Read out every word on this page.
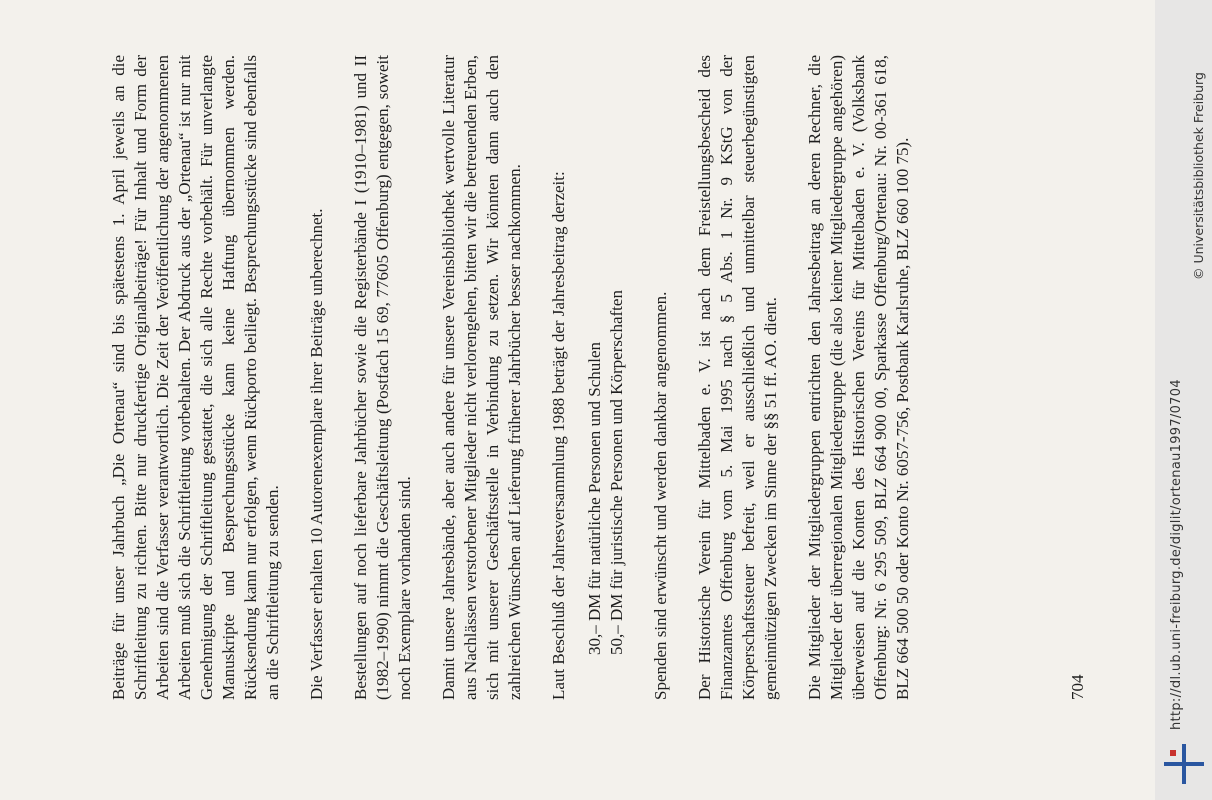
Beiträge für unser Jahrbuch „Die Ortenau“ sind bis spätestens 1. April jeweils an die Schriftleitung zu richten. Bitte nur druckfertige Originalbeiträge! Für Inhalt und Form der Arbeiten sind die Verfasser verantwortlich. Die Zeit der Veröffentlichung der angenommenen Arbeiten muß sich die Schriftleitung vorbehalten. Der Abdruck aus der „Ortenau“ ist nur mit Genehmigung der Schriftleitung gestattet, die sich alle Rechte vorbehält. Für unverlangte Manuskripte und Besprechungsstücke kann keine Haftung übernommen werden. Rücksendung kann nur erfolgen, wenn Rückporto beiliegt. Besprechungsstücke sind ebenfalls an die Schriftleitung zu senden. Die Verfasser erhalten 10 Autorenexemplare ihrer Beiträge unberechnet. Bestellungen auf noch lieferbare Jahrbücher sowie die Registerbände I (1910–1981) und II (1982–1990) nimmt die Geschäftsleitung (Postfach 15 69, 77605 Offenburg) entgegen, soweit noch Exemplare vorhanden sind. Damit unsere Jahresbände, aber auch andere für unsere Vereinsbibliothek wertvolle Literatur aus Nachlässen verstorbener Mitglieder nicht verlorengehen, bitten wir die betreuenden Erben, sich mit unserer Geschäftsstelle in Verbindung zu setzen. Wir könnten dann auch den zahlreichen Wünschen auf Lieferung früherer Jahrbücher besser nachkommen. Laut Beschluß der Jahresversammlung 1988 beträgt der Jahresbeitrag derzeit: 30,– DM für natürliche Personen und Schulen 50,– DM für juristische Personen und Körperschaften Spenden sind erwünscht und werden dankbar angenommen. Der Historische Verein für Mittelbaden e. V. ist nach dem Freistellungsbescheid des Finanzamtes Offenburg vom 5. Mai 1995 nach § 5 Abs. 1 Nr. 9 KStG von der Körperschaftssteuer befreit, weil er ausschließlich und unmittelbar steuerbegünstigten gemeinnützigen Zwecken im Sinne der §§ 51 ff. AO. dient. Die Mitglieder der Mitgliedergruppen entrichten den Jahresbeitrag an deren Rechner, die Mitglieder der überregionalen Mitgliedergruppe (die also keiner Mitgliedergruppe angehören) überweisen auf die Konten des Historischen Vereins für Mittelbaden e. V. (Volksbank Offenburg: Nr. 6 295 509, BLZ 664 900 00, Sparkasse Offenburg/Ortenau: Nr. 00-361 618, BLZ 664 500 50 oder Konto Nr. 6057-756, Postbank Karlsruhe, BLZ 660 100 75).	704	http://dl.ub.uni-freiburg.de/diglit/ortenau1997/0704
© Universitätsbibliothek Freiburg
